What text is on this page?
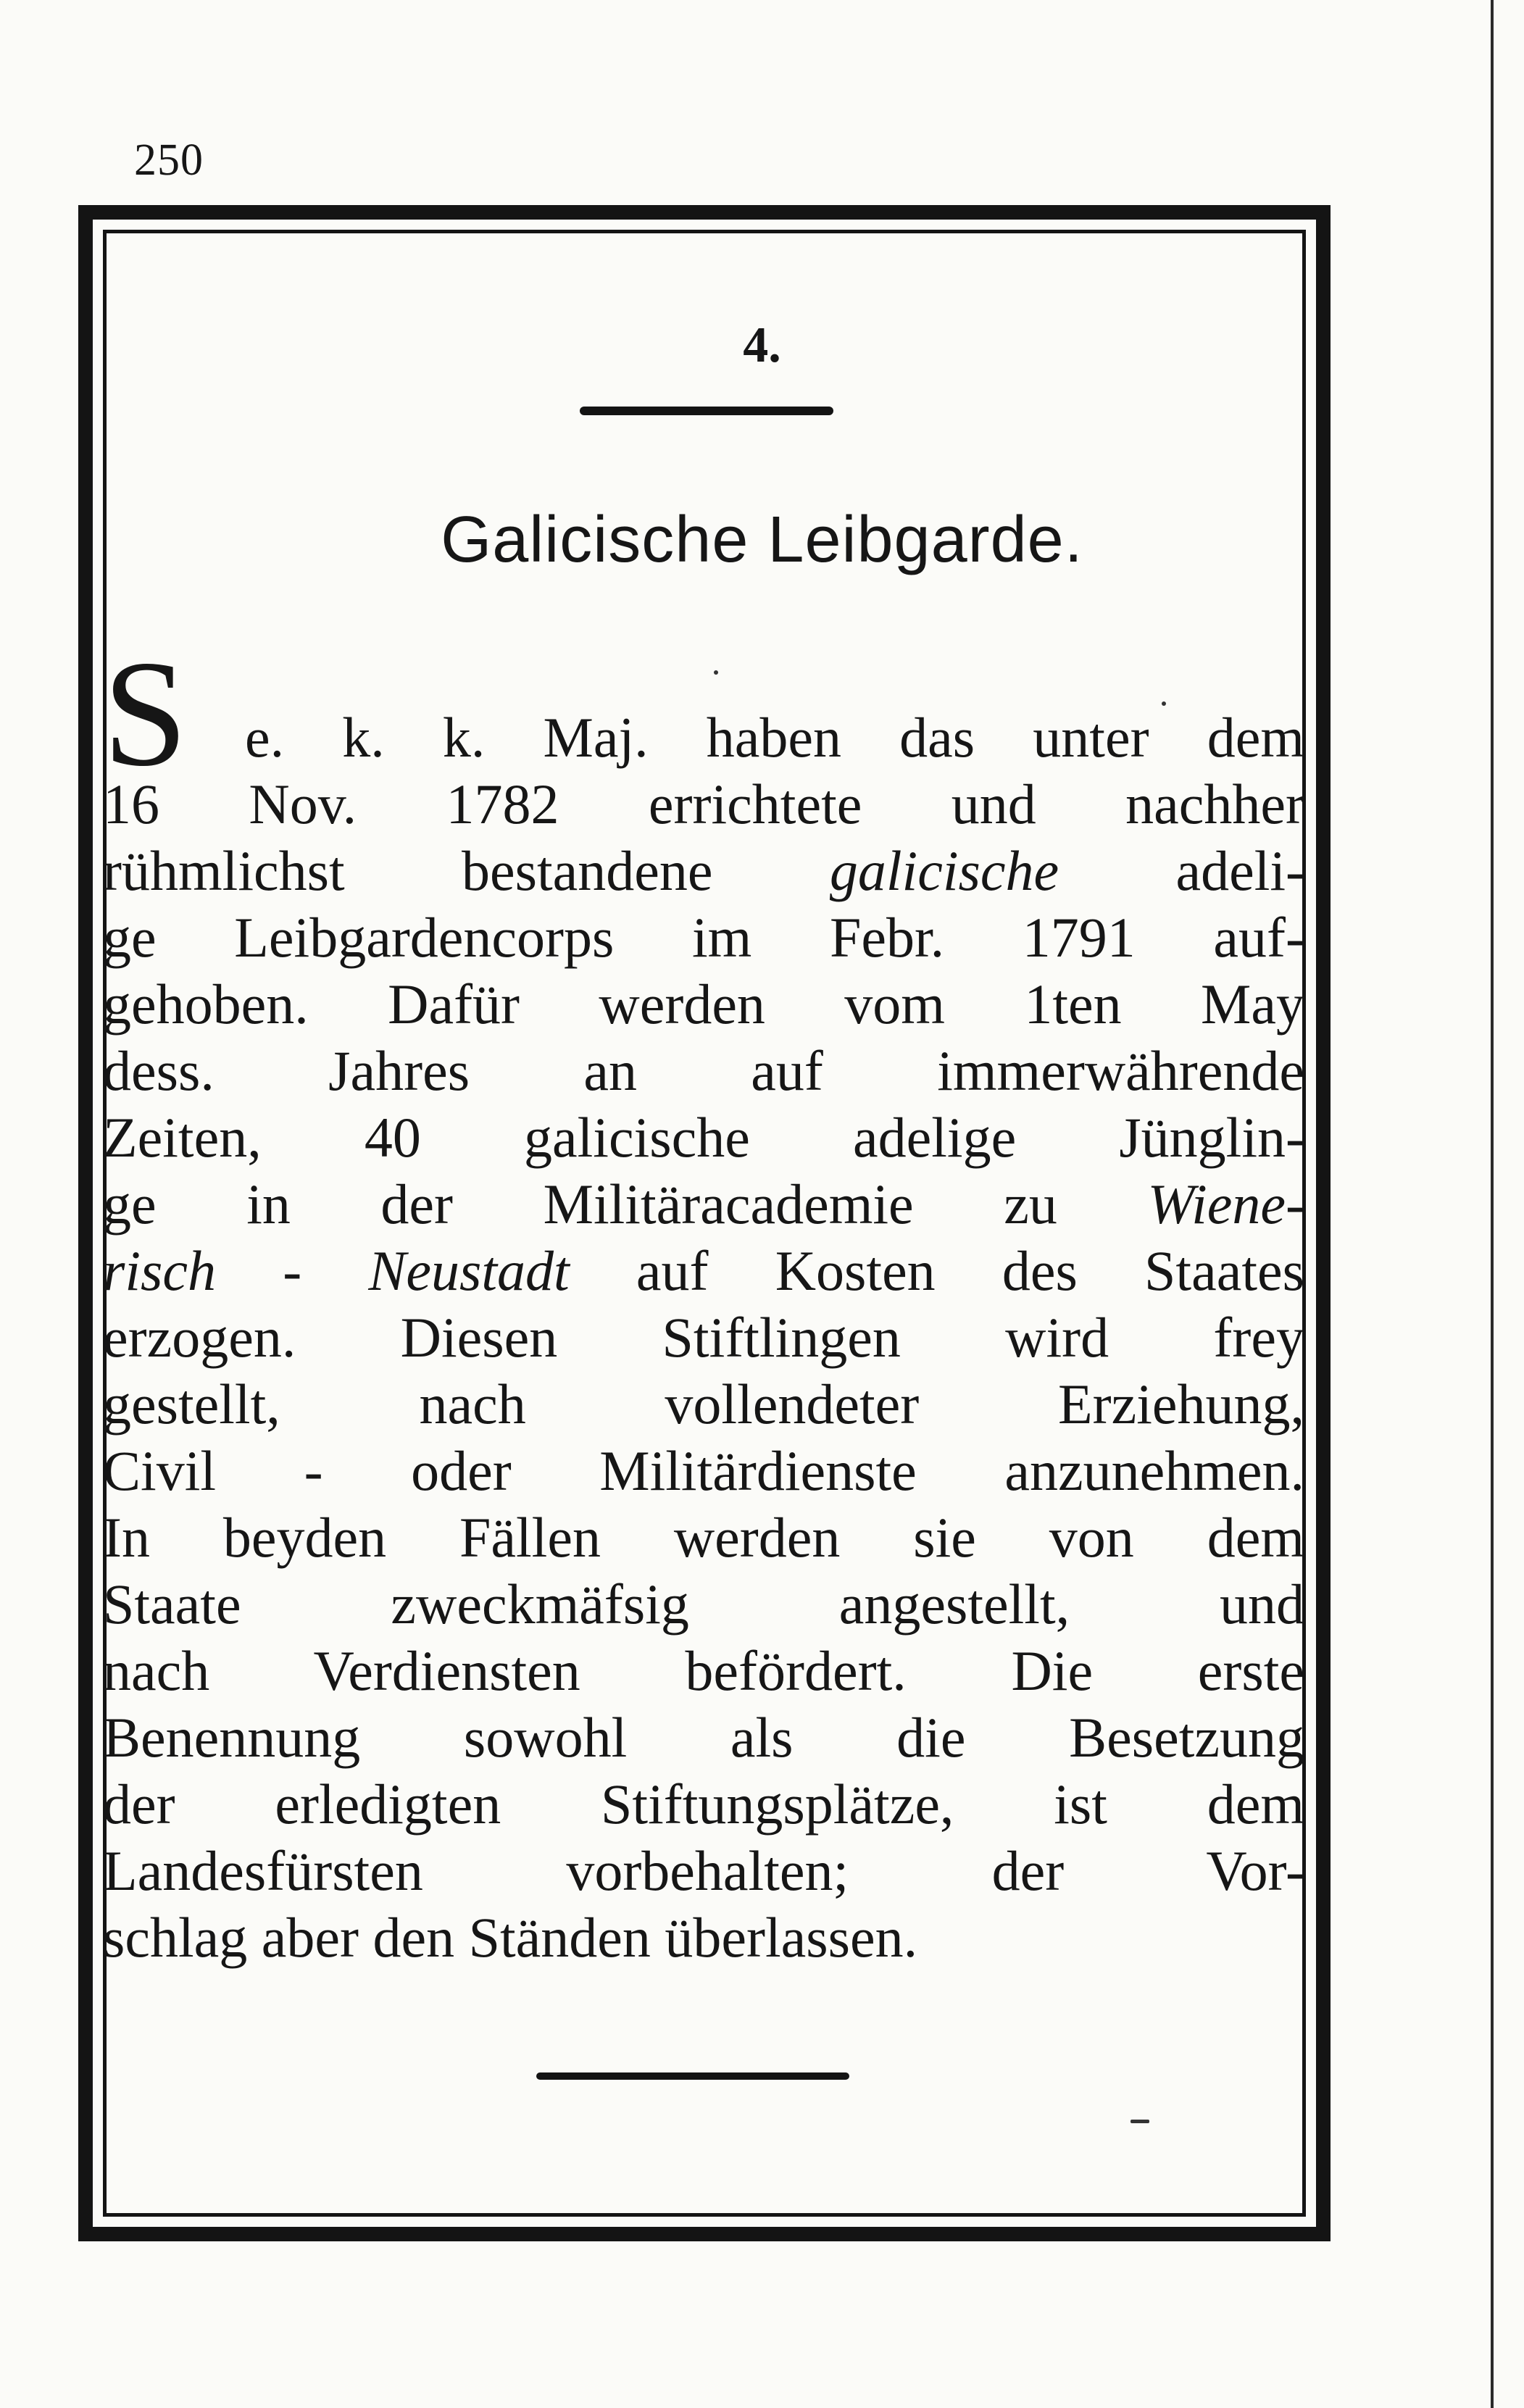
250
4.
Galicische Leibgarde.
S e. k. k. Maj. haben das unter dem
16 Nov. 1782 errichtete und nachher
rühmlichst bestandene galicische adeli-
ge Leibgardencorps im Febr. 1791 auf-
gehoben. Dafür werden vom 1ten May
dess. Jahres an auf immerwährende
Zeiten, 40 galicische adelige Jünglin-
ge in der Militäracademie zu Wiene-
risch - Neustadt auf Kosten des Staates
erzogen. Diesen Stiftlingen wird frey
gestellt, nach vollendeter Erziehung,
Civil - oder Militärdienste anzunehmen.
In beyden Fällen werden sie von dem
Staate zweckmäfsig angestellt, und
nach Verdiensten befördert. Die erste
Benennung sowohl als die Besetzung
der erledigten Stiftungsplätze, ist dem
Landesfürsten vorbehalten; der Vor-
schlag aber den Ständen überlassen.
